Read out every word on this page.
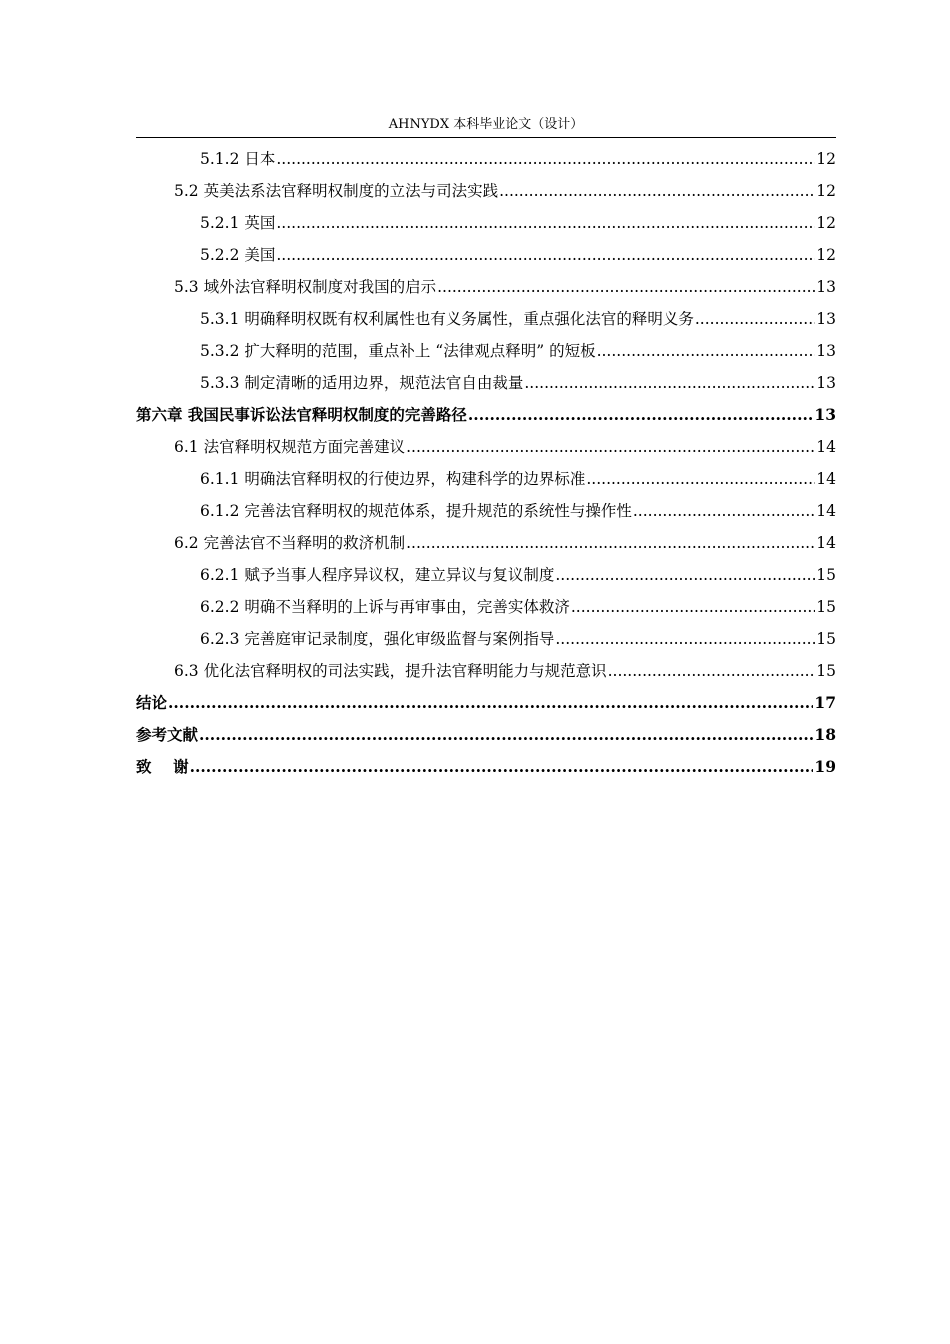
AHNYDX 本科毕业论文（设计）
5.1.2 日本 .....	12
5.2 英美法系法官释明权制度的立法与司法实践 .....	12
5.2.1 英国 .....	12
5.2.2 美国 .....	12
5.3 域外法官释明权制度对我国的启示 .....	13
5.3.1 明确释明权既有权利属性也有义务属性，重点强化法官的释明义务 .....	13
5.3.2 扩大释明的范围，重点补上 “法律观点释明” 的短板 .....	13
5.3.3 制定清晰的适用边界，规范法官自由裁量 .....	13
第六章 我国民事诉讼法官释明权制度的完善路径 .....	13
6.1 法官释明权规范方面完善建议 .....	14
6.1.1 明确法官释明权的行使边界，构建科学的边界标准 .....	14
6.1.2 完善法官释明权的规范体系，提升规范的系统性与操作性 .....	14
6.2 完善法官不当释明的救济机制 .....	14
6.2.1 赋予当事人程序异议权，建立异议与复议制度 .....	15
6.2.2 明确不当释明的上诉与再审事由，完善实体救济 .....	15
6.2.3 完善庭审记录制度，强化审级监督与案例指导 .....	15
6.3 优化法官释明权的司法实践，提升法官释明能力与规范意识 .....	15
结论 .....	17
参考文献 .....	18
致    谢 .....	19
